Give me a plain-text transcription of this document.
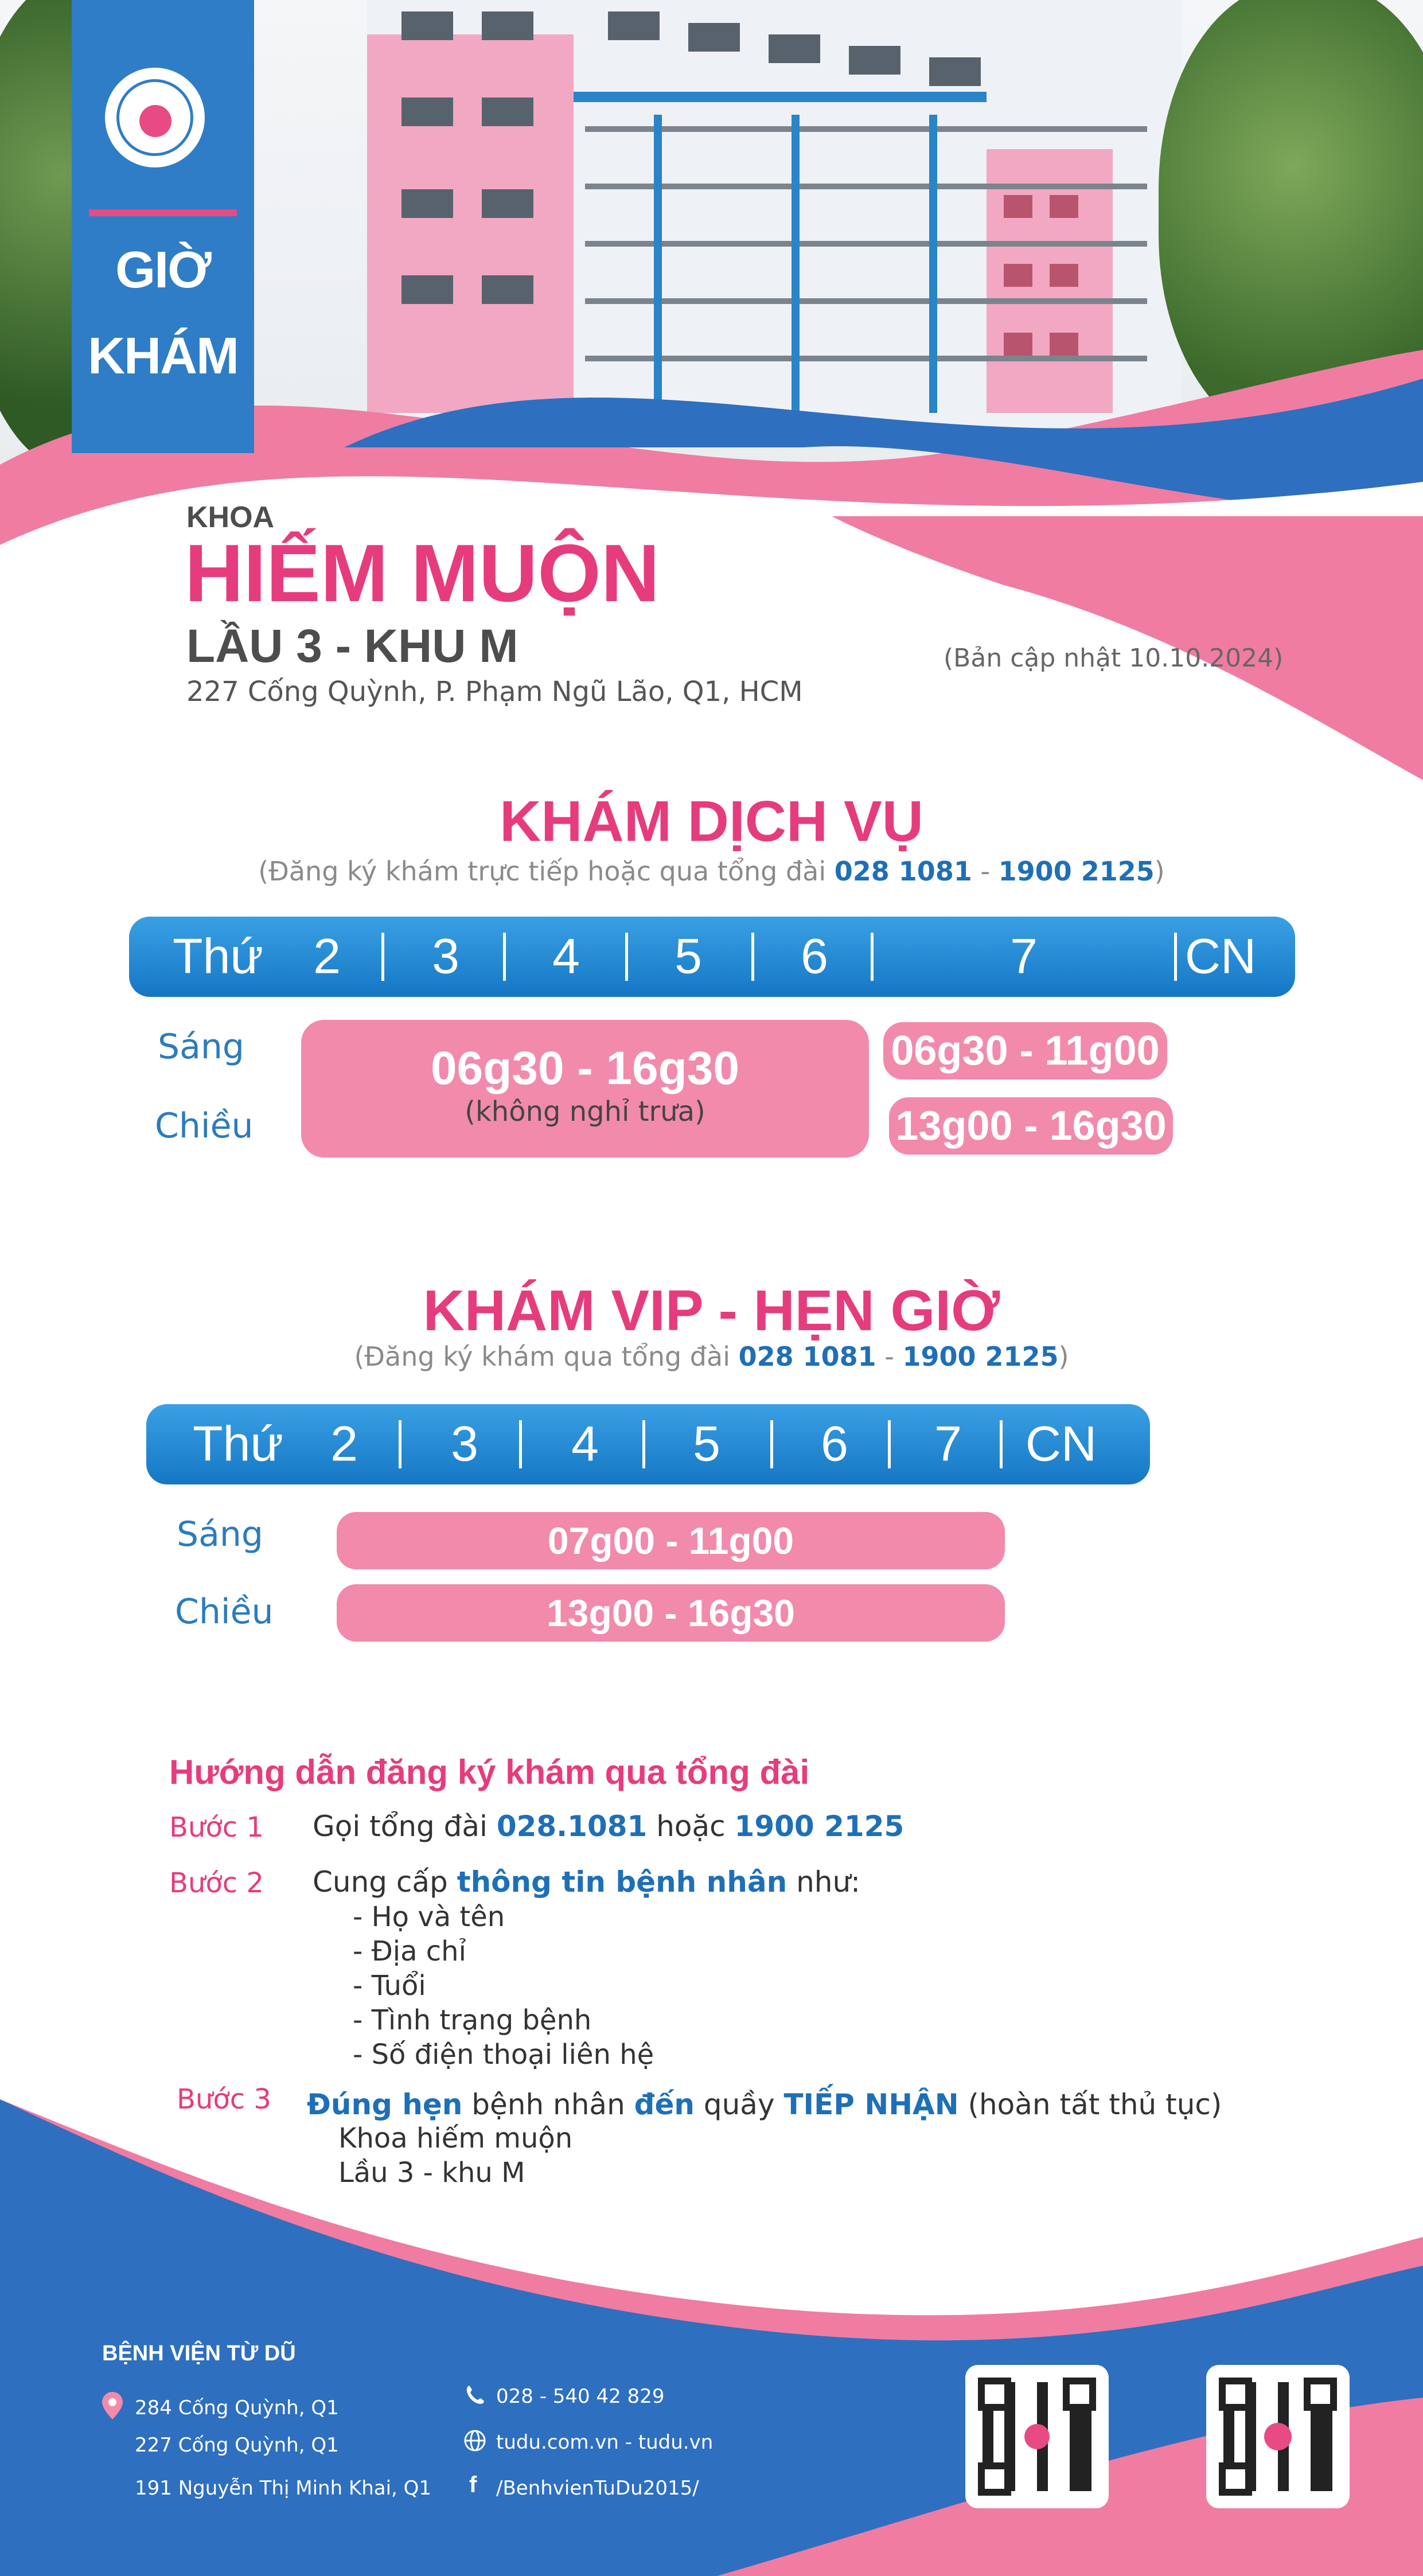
GIỜ
KHÁM
KHOA
HIẾM MUỘN
LẦU 3 - KHU M
227 Cống Quỳnh, P. Phạm Ngũ Lão, Q1, HCM
(Bản cập nhật 10.10.2024)
KHÁM DỊCH VỤ
(Đăng ký khám trực tiếp hoặc qua tổng đài 028 1081 - 1900 2125)
Thứ 2 3 4 5 6	7	CN
Sáng
Chiều
06g30 - 16g30
(không nghỉ trưa)
06g30 - 11g00
13g00 - 16g30
KHÁM VIP - HẸN GIỜ
(Đăng ký khám qua tổng đài 028 1081 - 1900 2125)
Thứ 2 3 4 5 6 7 CN
Sáng
Chiều
07g00 - 11g00
13g00 - 16g30
Hướng dẫn đăng ký khám qua tổng đài
Bước 1 Gọi tổng đài 028.1081 hoặc 1900 2125
Bước 2 Cung cấp thông tin bệnh nhân như:
- Họ và tên
- Địa chỉ
- Tuổi
- Tình trạng bệnh
- Số điện thoại liên hệ
Bước 3 Đúng hẹn bệnh nhân đến quầy TIẾP NHẬN (hoàn tất thủ tục)
Khoa hiếm muộn
Lầu 3 - khu M
BỆNH VIỆN TỪ DŨ
284 Cống Quỳnh, Q1
227 Cống Quỳnh, Q1
191 Nguyễn Thị Minh Khai, Q1
028 - 540 42 829
tudu.com.vn - tudu.vn
f /BenhvienTuDu2015/
